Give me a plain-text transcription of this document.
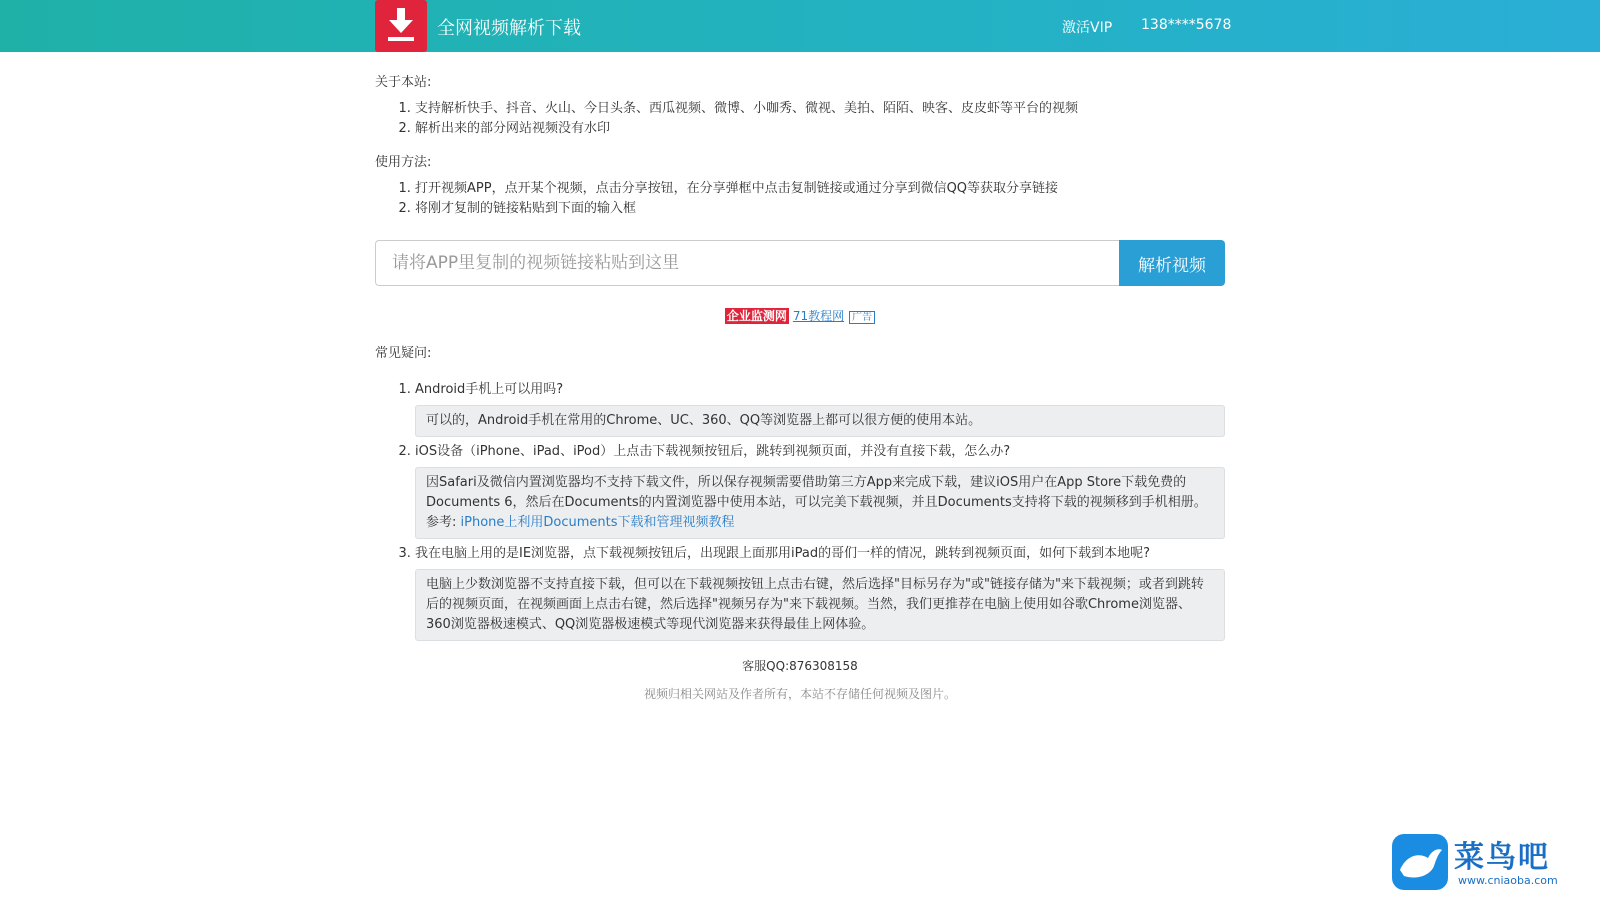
全网视频解析下载	激活VIP 138****5678
关于本站:
1. 支持解析快手、抖音、火山、今日头条、西瓜视频、微博、小咖秀、微视、美拍、陌陌、映客、皮皮虾等平台的视频
2. 解析出来的部分网站视频没有水印
使用方法:
1. 打开视频APP，点开某个视频，点击分享按钮，在分享弹框中点击复制链接或通过分享到微信QQ等获取分享链接
2. 将刚才复制的链接粘贴到下面的输入框
请将APP里复制的视频链接粘贴到这里
解析视频
企业监测网 71教程网 广告
常见疑问:
1. Android手机上可以用吗?
可以的，Android手机在常用的Chrome、UC、360、QQ等浏览器上都可以很方便的使用本站。
2. iOS设备（iPhone、iPad、iPod）上点击下载视频按钮后，跳转到视频页面，并没有直接下载，怎么办?
因Safari及微信内置浏览器均不支持下载文件，所以保存视频需要借助第三方App来完成下载，建议iOS用户在App Store下载免费的Documents 6，然后在Documents的内置浏览器中使用本站，可以完美下载视频，并且Documents支持将下载的视频移到手机相册。参考: iPhone上利用Documents下载和管理视频教程
3. 我在电脑上用的是IE浏览器，点下载视频按钮后，出现跟上面那用iPad的哥们一样的情况，跳转到视频页面，如何下载到本地呢?
电脑上少数浏览器不支持直接下载，但可以在下载视频按钮上点击右键，然后选择"目标另存为"或"链接存储为"来下载视频；或者到跳转后的视频页面，在视频画面上点击右键，然后选择"视频另存为"来下载视频。当然，我们更推荐在电脑上使用如谷歌Chrome浏览器、360浏览器极速模式、QQ浏览器极速模式等现代浏览器来获得最佳上网体验。
客服QQ:876308158
视频归相关网站及作者所有，本站不存储任何视频及图片。
菜鸟吧
www.cniaoba.com
